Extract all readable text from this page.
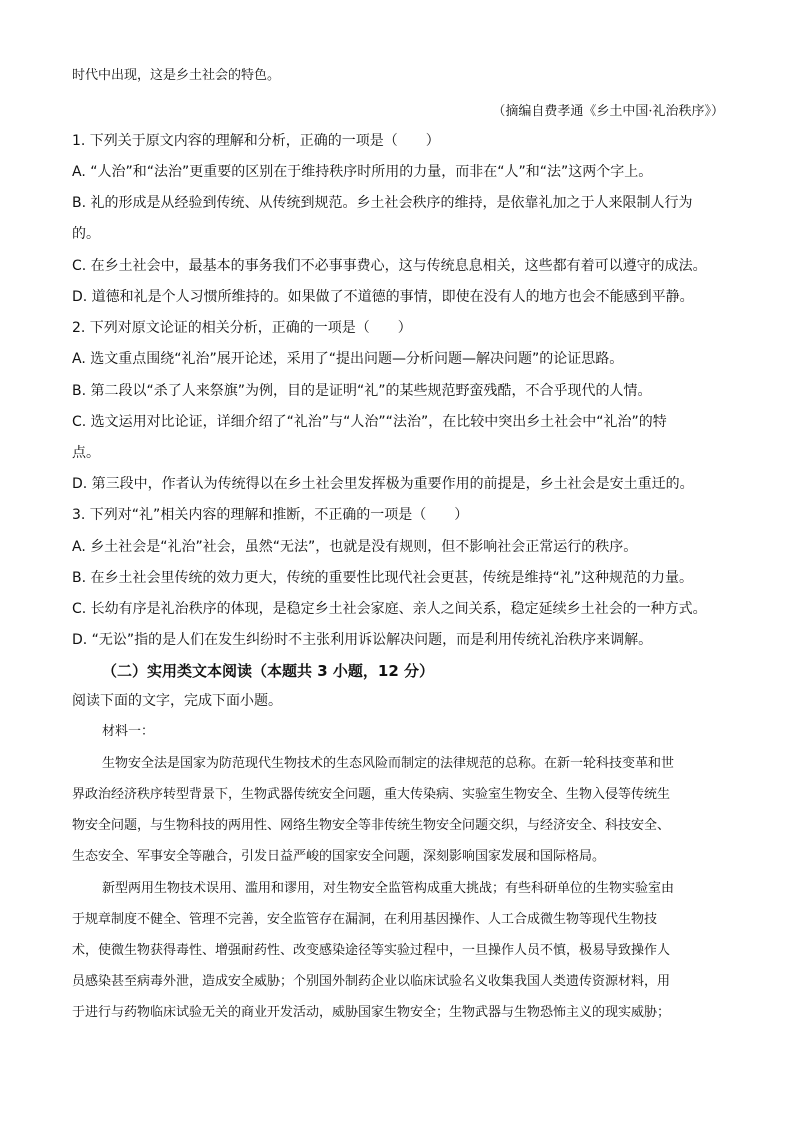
时代中出现，这是乡土社会的特色。
（摘编自费孝通《乡土中国·礼治秩序》）
1. 下列关于原文内容的理解和分析，正确的一项是（　　）
A. “人治”和“法治”更重要的区别在于维持秩序时所用的力量，而非在“人”和“法”这两个字上。
B. 礼的形成是从经验到传统、从传统到规范。乡土社会秩序的维持，是依靠礼加之于人来限制人行为
的。
C. 在乡土社会中，最基本的事务我们不必事事费心，这与传统息息相关，这些都有着可以遵守的成法。
D. 道德和礼是个人习惯所维持的。如果做了不道德的事情，即使在没有人的地方也会不能感到平静。
2. 下列对原文论证的相关分析，正确的一项是（　　）
A. 选文重点围绕“礼治”展开论述，采用了“提出问题—分析问题—解决问题”的论证思路。
B. 第二段以“杀了人来祭旗”为例，目的是证明“礼”的某些规范野蛮残酷，不合乎现代的人情。
C. 选文运用对比论证，详细介绍了“礼治”与“人治”“法治”，在比较中突出乡土社会中“礼治”的特
点。
D. 第三段中，作者认为传统得以在乡土社会里发挥极为重要作用的前提是，乡土社会是安土重迁的。
3. 下列对“礼”相关内容的理解和推断，不正确的一项是（　　）
A. 乡土社会是“礼治”社会，虽然“无法”，也就是没有规则，但不影响社会正常运行的秩序。
B. 在乡土社会里传统的效力更大，传统的重要性比现代社会更甚，传统是维持“礼”这种规范的力量。
C. 长幼有序是礼治秩序的体现，是稳定乡土社会家庭、亲人之间关系，稳定延续乡土社会的一种方式。
D. “无讼”指的是人们在发生纠纷时不主张利用诉讼解决问题，而是利用传统礼治秩序来调解。
（二）实用类文本阅读（本题共 3 小题，12 分）
阅读下面的文字，完成下面小题。
材料一：
生物安全法是国家为防范现代生物技术的生态风险而制定的法律规范的总称。在新一轮科技变革和世
界政治经济秩序转型背景下，生物武器传统安全问题，重大传染病、实验室生物安全、生物入侵等传统生
物安全问题，与生物科技的两用性、网络生物安全等非传统生物安全问题交织，与经济安全、科技安全、
生态安全、军事安全等融合，引发日益严峻的国家安全问题，深刻影响国家发展和国际格局。
新型两用生物技术误用、滥用和谬用，对生物安全监管构成重大挑战；有些科研单位的生物实验室由
于规章制度不健全、管理不完善，安全监管存在漏洞，在利用基因操作、人工合成微生物等现代生物技
术，使微生物获得毒性、增强耐药性、改变感染途径等实验过程中，一旦操作人员不慎，极易导致操作人
员感染甚至病毒外泄，造成安全威胁；个别国外制药企业以临床试验名义收集我国人类遗传资源材料，用
于进行与药物临床试验无关的商业开发活动，威胁国家生物安全；生物武器与生物恐怖主义的现实威胁；
